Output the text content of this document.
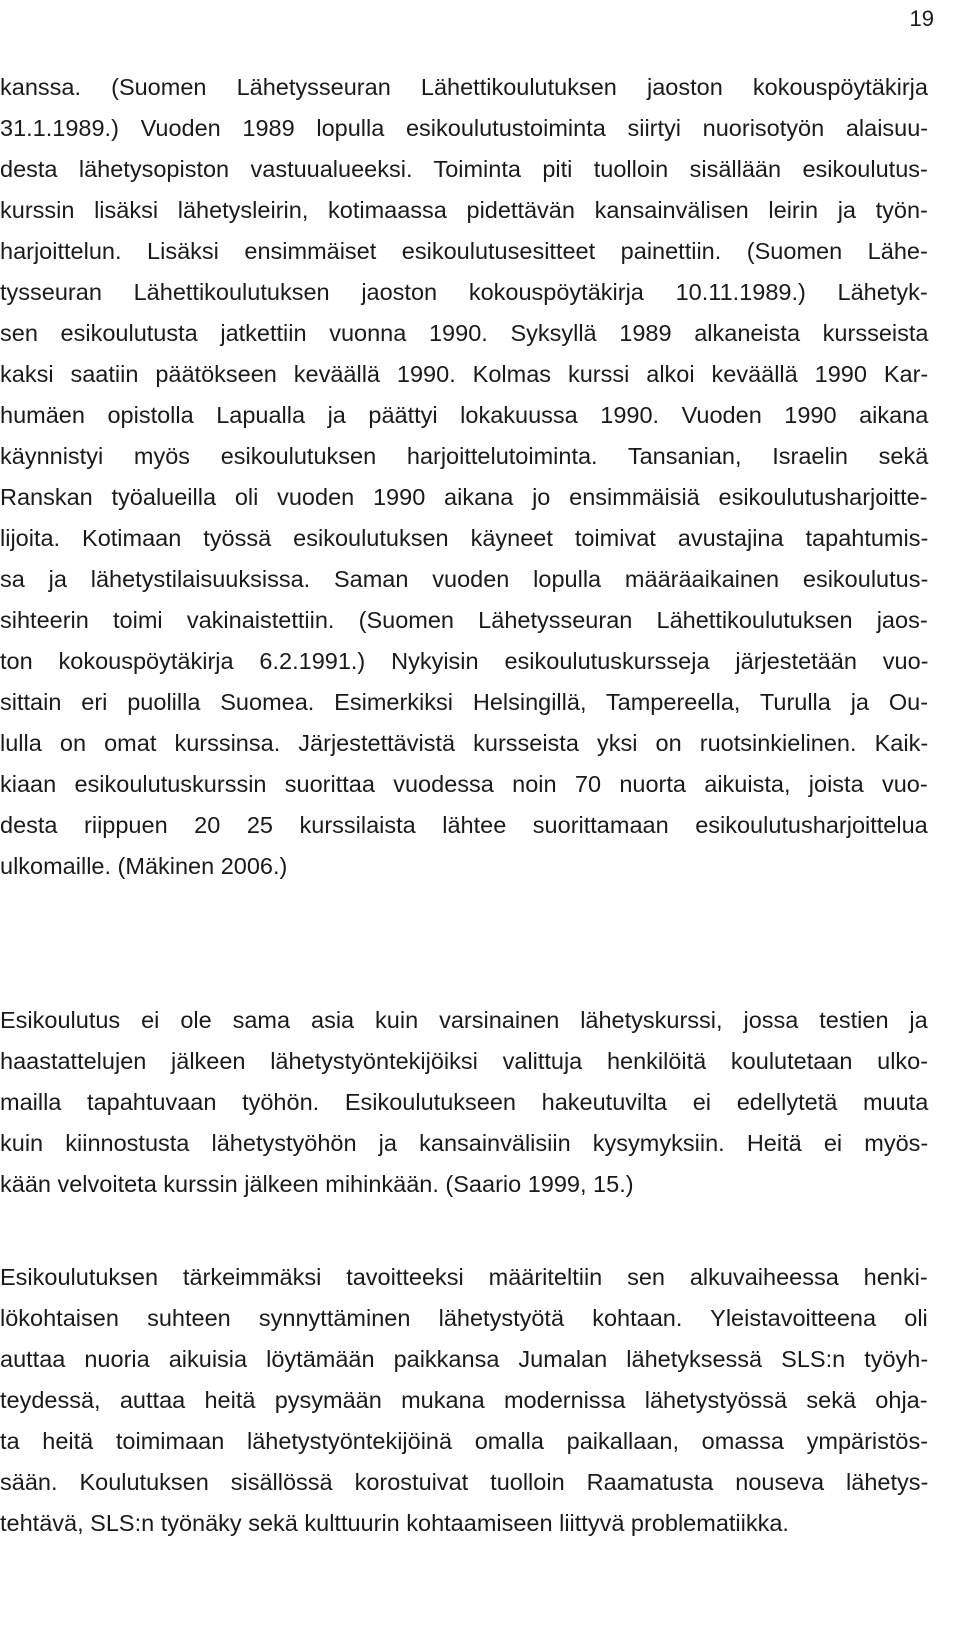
19
kanssa. (Suomen Lähetysseuran Lähettikoulutuksen jaoston kokouspöytäkirja
31.1.1989.) Vuoden 1989 lopulla esikoulutustoiminta siirtyi nuorisotyön alaisuu-
desta lähetysopiston vastuualueeksi. Toiminta piti tuolloin sisällään esikoulutus-
kurssin lisäksi lähetysleirin, kotimaassa pidettävän kansainvälisen leirin ja työn-
harjoittelun. Lisäksi ensimmäiset esikoulutusesitteet painettiin. (Suomen Lähe-
tysseuran Lähettikoulutuksen jaoston kokouspöytäkirja 10.11.1989.) Lähetyk-
sen esikoulutusta jatkettiin vuonna 1990. Syksyllä 1989 alkaneista kursseista
kaksi saatiin päätökseen keväällä 1990. Kolmas kurssi alkoi keväällä 1990 Kar-
humäen opistolla Lapualla ja päättyi lokakuussa 1990. Vuoden 1990 aikana
käynnistyi myös esikoulutuksen harjoittelutoiminta. Tansanian, Israelin sekä
Ranskan työalueilla oli vuoden 1990 aikana jo ensimmäisiä esikoulutusharjoitte-
lijoita. Kotimaan työssä esikoulutuksen käyneet toimivat avustajina tapahtumis-
sa ja lähetystilaisuuksissa. Saman vuoden lopulla määräaikainen esikoulutus-
sihteerin toimi vakinaistettiin. (Suomen Lähetysseuran Lähettikoulutuksen jaos-
ton kokouspöytäkirja 6.2.1991.) Nykyisin esikoulutuskursseja järjestetään vuo-
sittain eri puolilla Suomea. Esimerkiksi Helsingillä, Tampereella, Turulla ja Ou-
lulla on omat kurssinsa. Järjestettävistä kursseista yksi on ruotsinkielinen. Kaik-
kiaan esikoulutuskurssin suorittaa vuodessa noin 70 nuorta aikuista, joista vuo-
desta riippuen 20 25 kurssilaista lähtee suorittamaan esikoulutusharjoittelua
ulkomaille. (Mäkinen 2006.)
Esikoulutus ei ole sama asia kuin varsinainen lähetyskurssi, jossa testien ja
haastattelujen jälkeen lähetystyöntekijöiksi valittuja henkilöitä koulutetaan ulko-
mailla tapahtuvaan työhön. Esikoulutukseen hakeutuvilta ei edellytetä muuta
kuin kiinnostusta lähetystyöhön ja kansainvälisiin kysymyksiin. Heitä ei myös-
kään velvoiteta kurssin jälkeen mihinkään. (Saario 1999, 15.)
Esikoulutuksen tärkeimmäksi tavoitteeksi määriteltiin sen alkuvaiheessa henki-
lökohtaisen suhteen synnyttäminen lähetystyötä kohtaan. Yleistavoitteena oli
auttaa nuoria aikuisia löytämään paikkansa Jumalan lähetyksessä SLS:n työyh-
teydessä, auttaa heitä pysymään mukana modernissa lähetystyössä sekä ohja-
ta heitä toimimaan lähetystyöntekijöinä omalla paikallaan, omassa ympäristös-
sään. Koulutuksen sisällössä korostuivat tuolloin Raamatusta nouseva lähetys-
tehtävä, SLS:n työnäky sekä kulttuurin kohtaamiseen liittyvä problematiikka.
